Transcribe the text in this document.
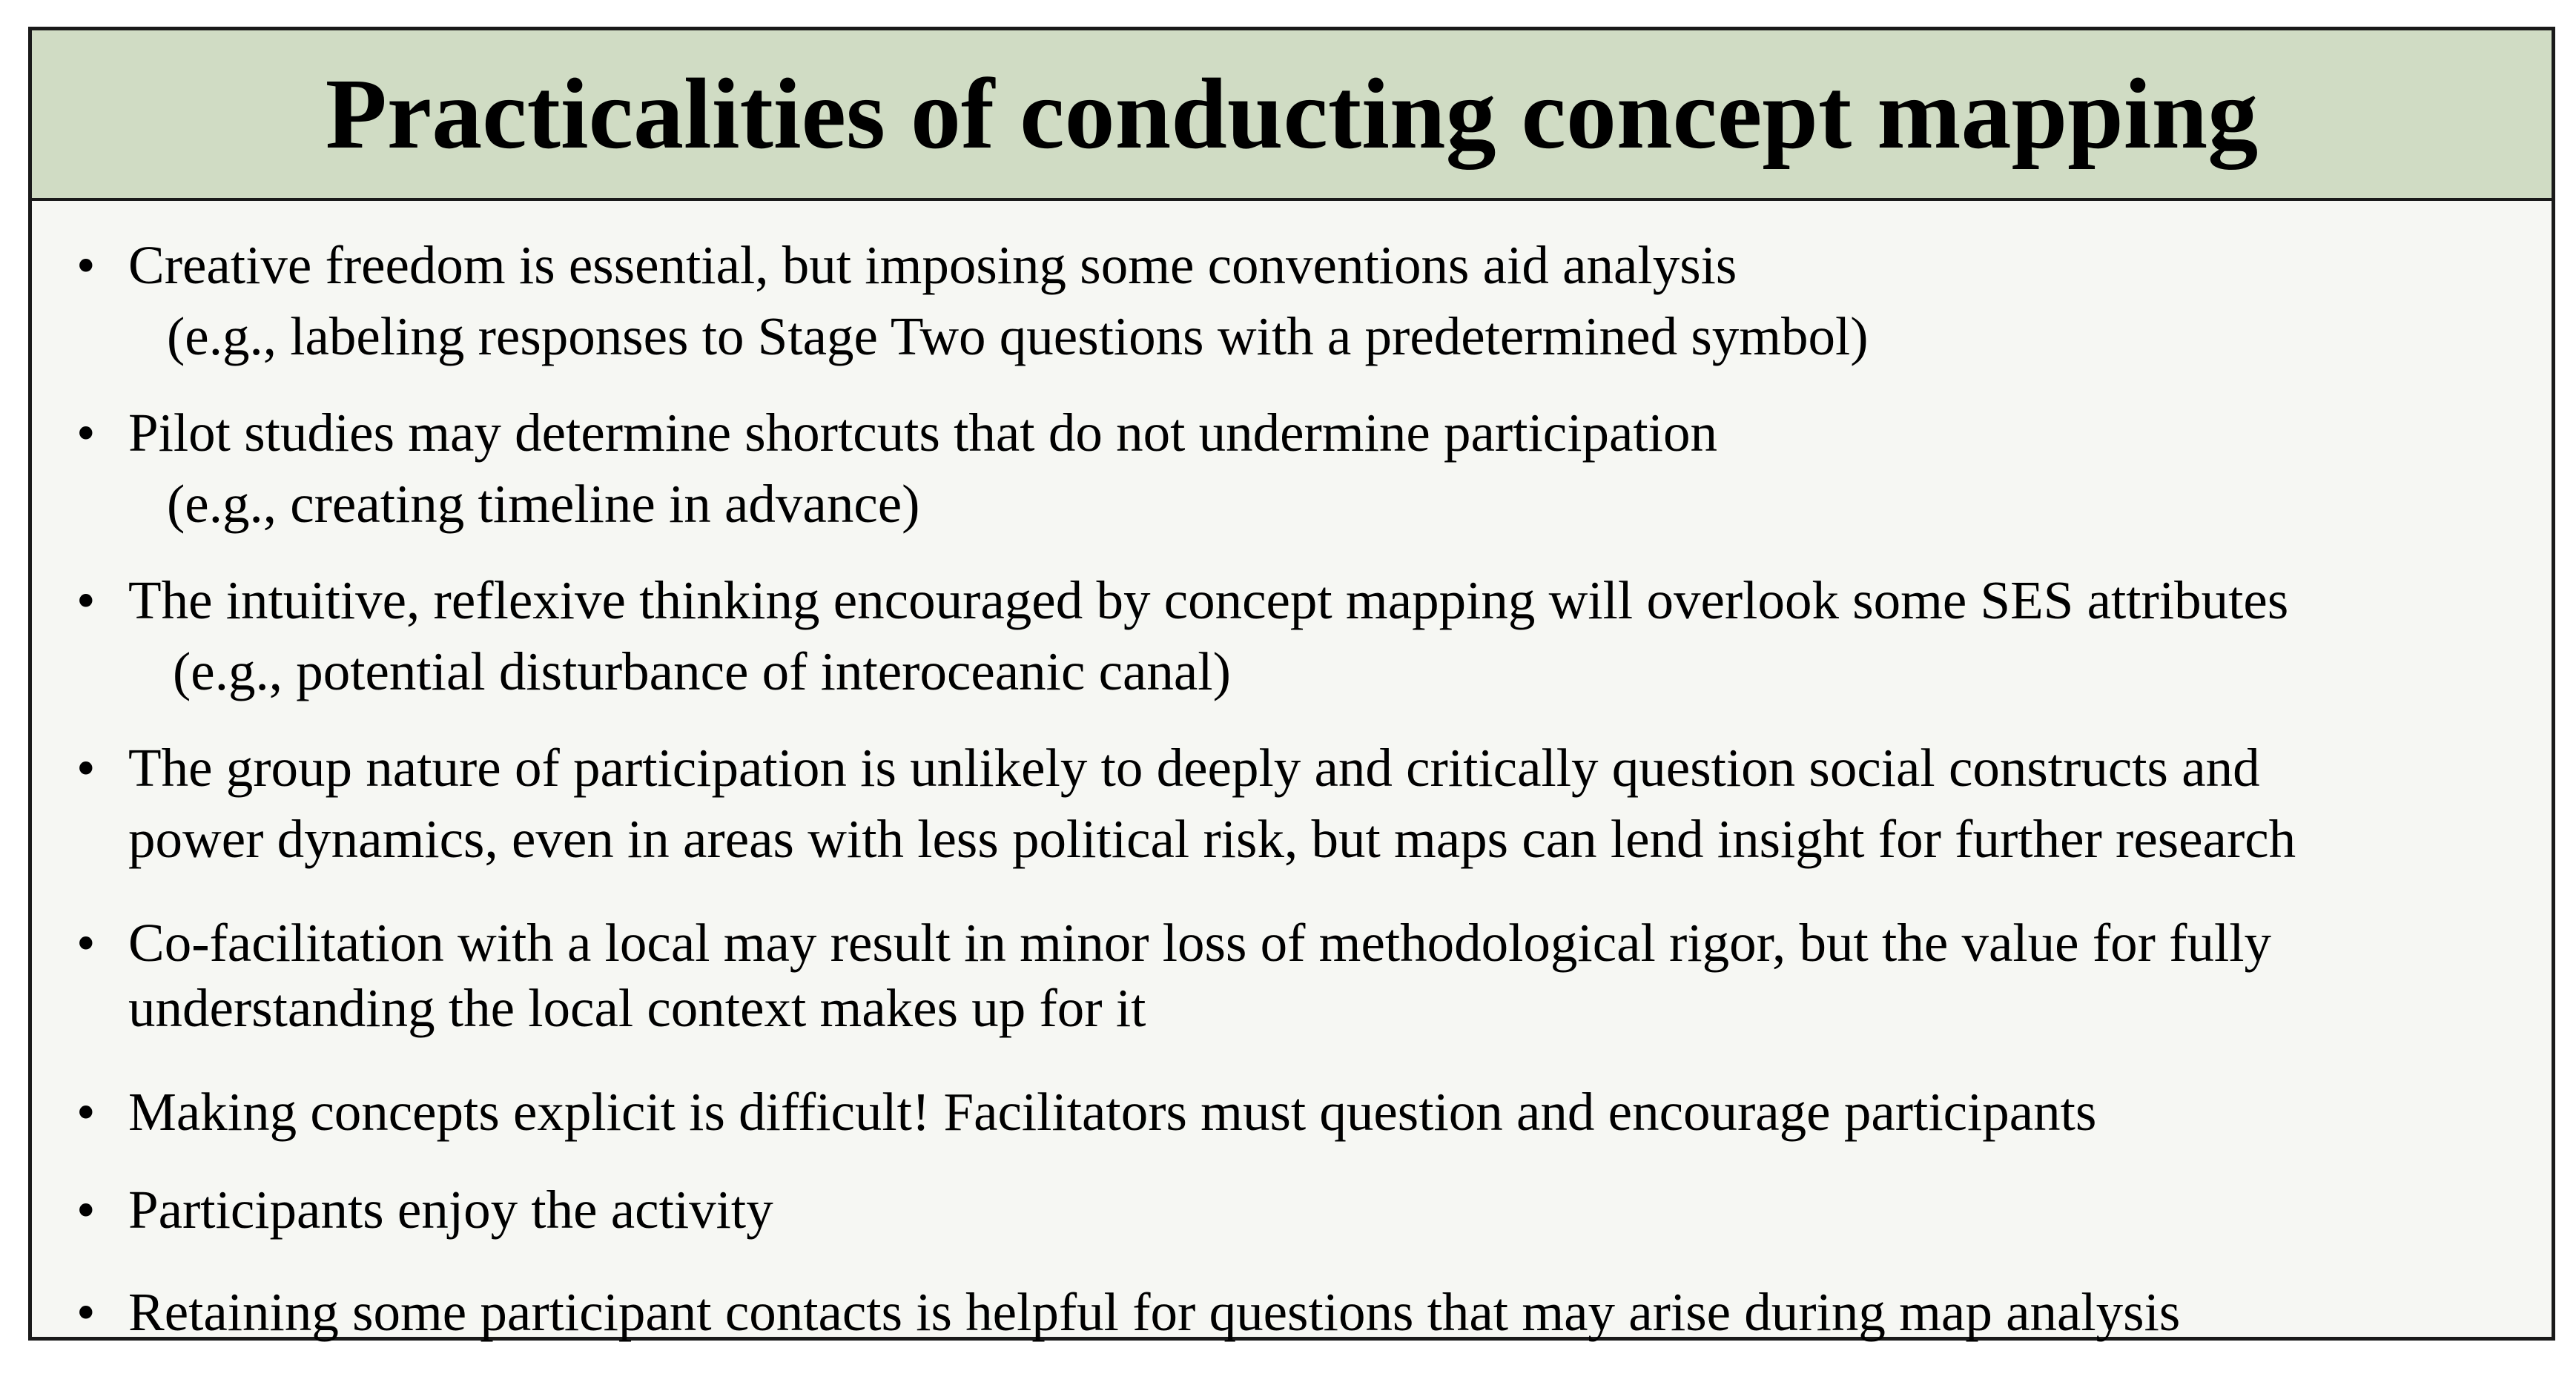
Practicalities of conducting concept mapping
• Creative freedom is essential, but imposing some conventions aid analysis
(e.g., labeling responses to Stage Two questions with a predetermined symbol)
• Pilot studies may determine shortcuts that do not undermine participation
(e.g., creating timeline in advance)
• The intuitive, reflexive thinking encouraged by concept mapping will overlook some SES attributes
(e.g., potential disturbance of interoceanic canal)
• The group nature of participation is unlikely to deeply and critically question social constructs and
power dynamics, even in areas with less political risk, but maps can lend insight for further research
• Co-facilitation with a local may result in minor loss of methodological rigor, but the value for fully
understanding the local context makes up for it
• Making concepts explicit is difficult! Facilitators must question and encourage participants
• Participants enjoy the activity
• Retaining some participant contacts is helpful for questions that may arise during map analysis
